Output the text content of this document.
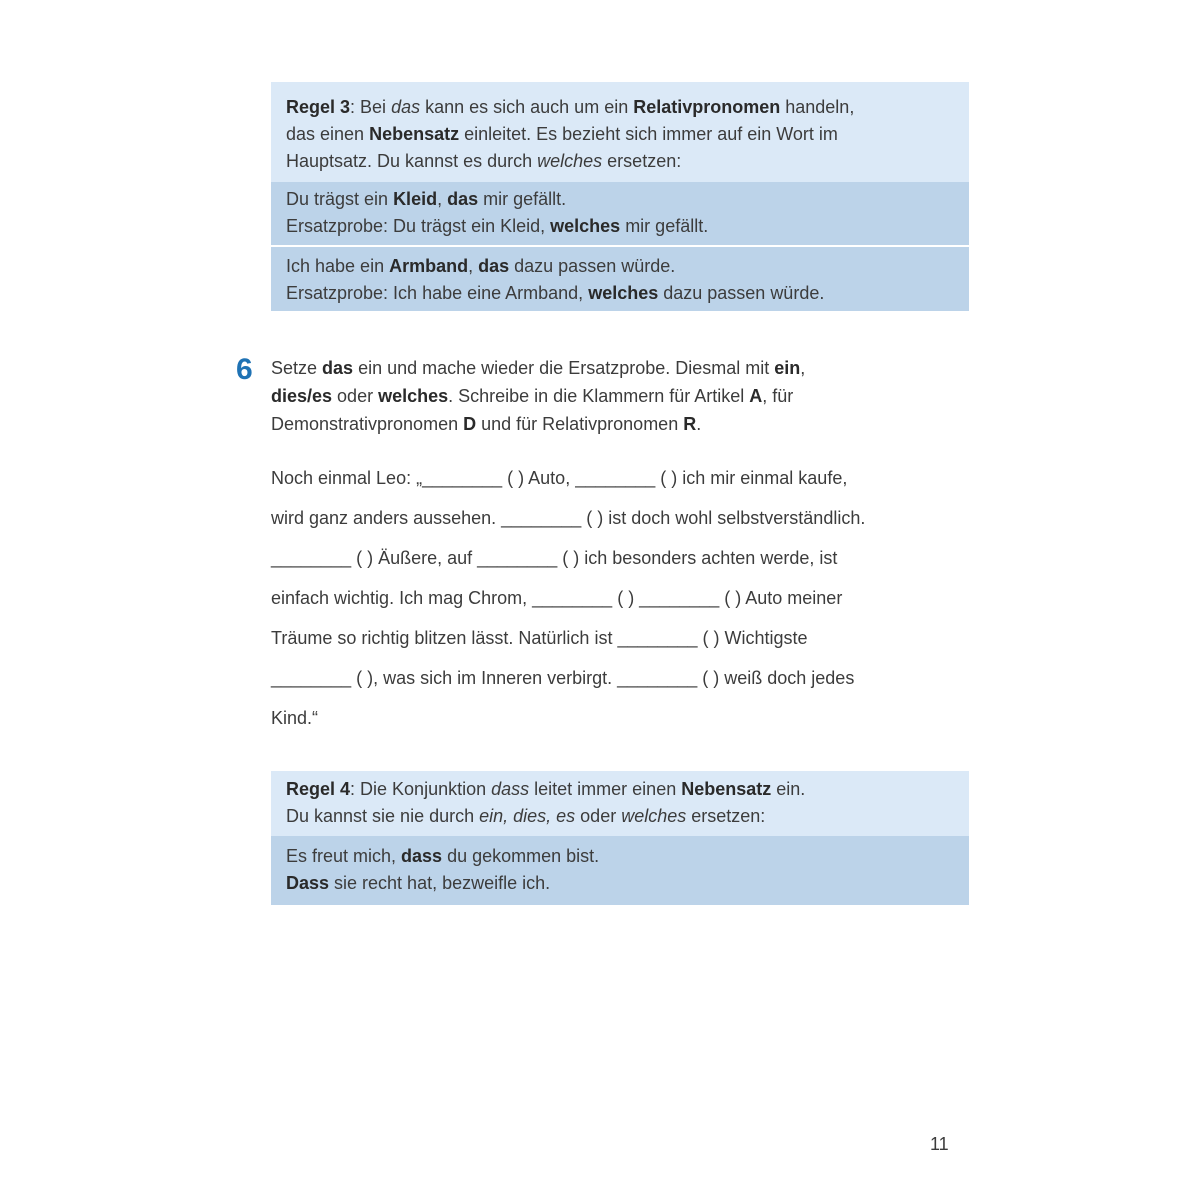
Regel 3: Bei das kann es sich auch um ein Relativpronomen handeln,
das einen Nebensatz einleitet. Es bezieht sich immer auf ein Wort im
Hauptsatz. Du kannst es durch welches ersetzen:
Du trägst ein Kleid, das mir gefällt.
Ersatzprobe: Du trägst ein Kleid, welches mir gefällt.
Ich habe ein Armband, das dazu passen würde.
Ersatzprobe: Ich habe eine Armband, welches dazu passen würde.
6 Setze das ein und mache wieder die Ersatzprobe. Diesmal mit ein,
dies/es oder welches. Schreibe in die Klammern für Artikel A, für
Demonstrativpronomen D und für Relativpronomen R.
Noch einmal Leo: „________ ( ) Auto, ________ ( ) ich mir einmal kaufe,
wird ganz anders aussehen. ________ ( ) ist doch wohl selbstverständlich.
________ ( ) Äußere, auf ________ ( ) ich besonders achten werde, ist
einfach wichtig. Ich mag Chrom, ________ ( ) ________ ( ) Auto meiner
Träume so richtig blitzen lässt. Natürlich ist ________ ( ) Wichtigste
________ ( ), was sich im Inneren verbirgt. ________ ( ) weiß doch jedes
Kind.“
Regel 4: Die Konjunktion dass leitet immer einen Nebensatz ein.
Du kannst sie nie durch ein, dies, es oder welches ersetzen:
Es freut mich, dass du gekommen bist.
Dass sie recht hat, bezweifle ich.
11
